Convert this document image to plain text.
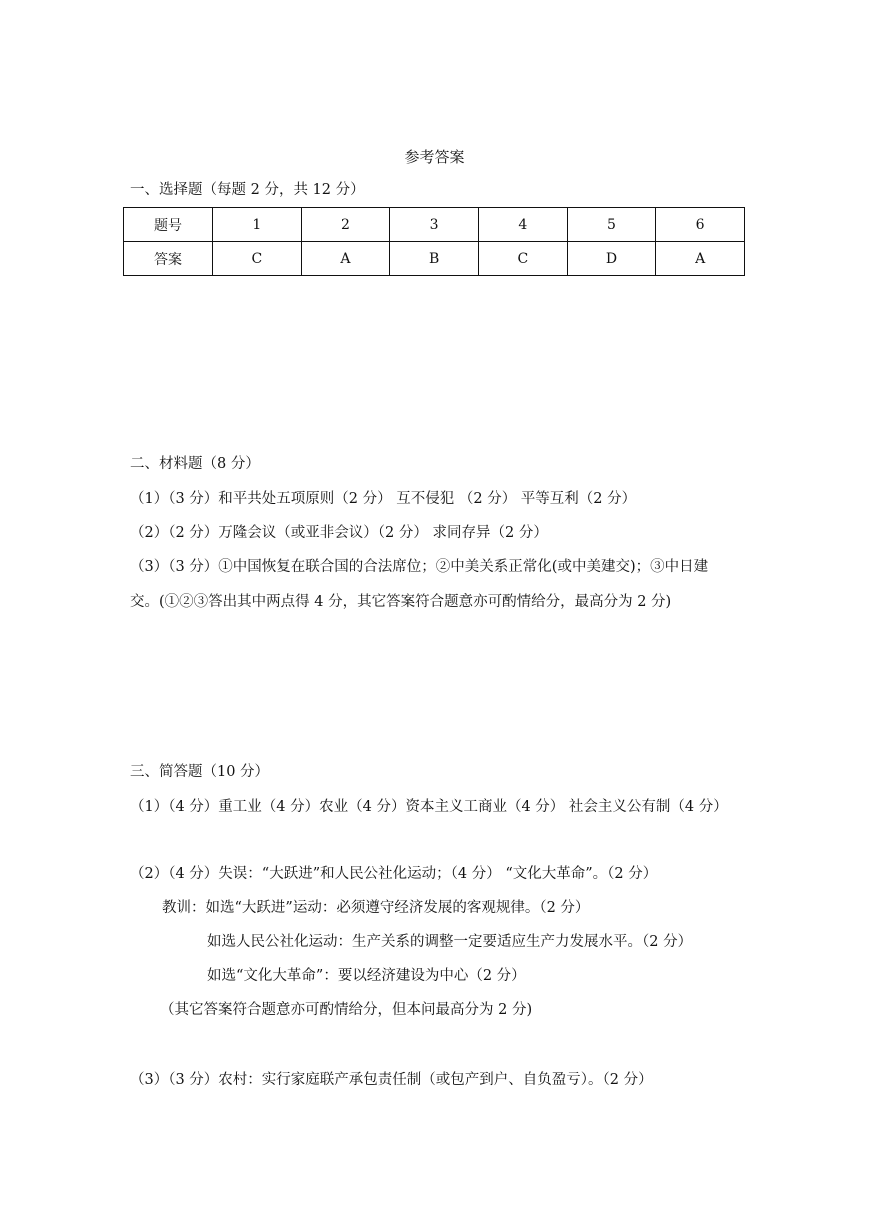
参考答案
一、选择题（每题 2 分，共 12 分）
题号	1	2	3	4	5	6
答案	C	A	B	C	D	A
二、材料题（8 分）
（1）（3 分）和平共处五项原则（2 分） 互不侵犯 （2 分） 平等互利（2 分）
（2）（2 分）万隆会议（或亚非会议）（2 分） 求同存异（2 分）
（3）（3 分）①中国恢复在联合国的合法席位；②中美关系正常化(或中美建交)；③中日建
交。(①②③答出其中两点得 4 分，其它答案符合题意亦可酌情给分，最高分为 2 分)
三、简答题（10 分）
（1）（4 分）重工业（4 分）农业（4 分）资本主义工商业（4 分） 社会主义公有制（4 分）
（2）（4 分）失误：“大跃进”和人民公社化运动；（4 分） “文化大革命”。（2 分）
教训：如选“大跃进”运动：必须遵守经济发展的客观规律。（2 分）
如选人民公社化运动：生产关系的调整一定要适应生产力发展水平。（2 分）
如选“文化大革命”：要以经济建设为中心（2 分）
（其它答案符合题意亦可酌情给分，但本问最高分为 2 分)
（3）（3 分）农村：实行家庭联产承包责任制（或包产到户、自负盈亏）。（2 分）
